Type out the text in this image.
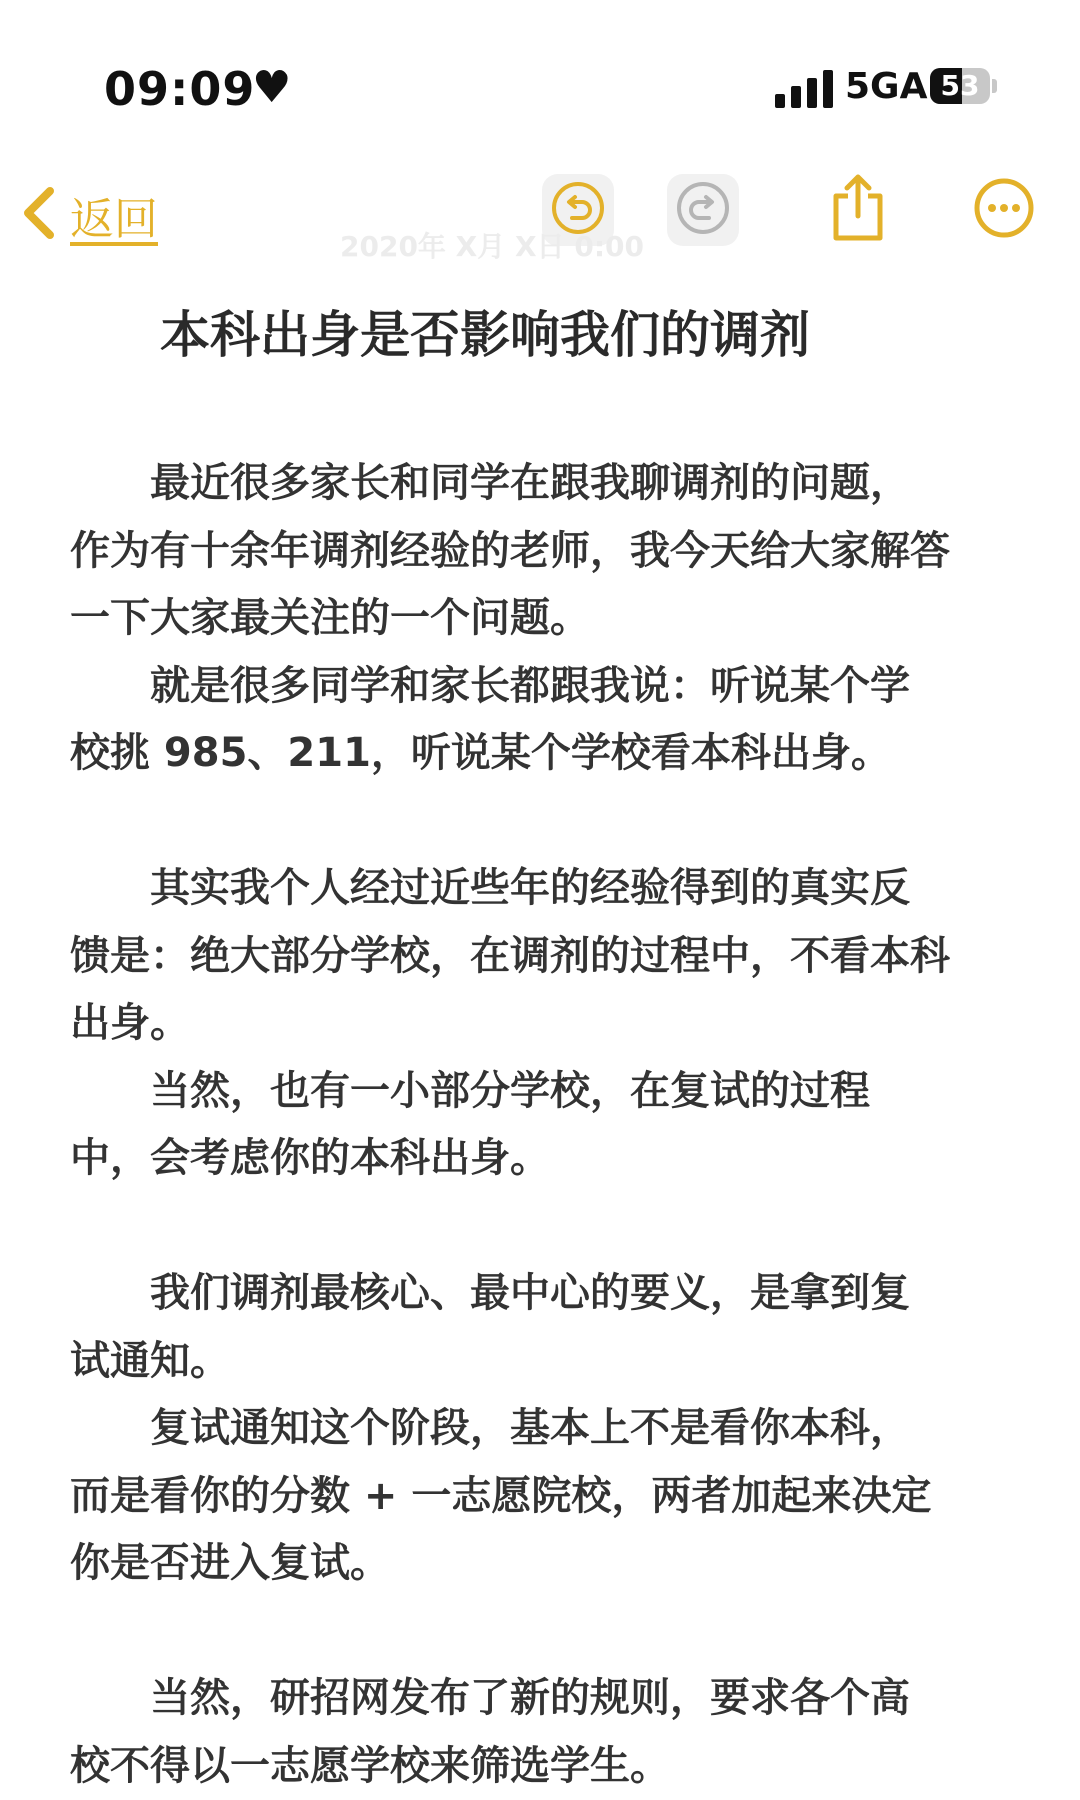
09:09
♥	5GA 53
返回
2020年 X月 X日 0:00
本科出身是否影响我们的调剂

　　最近很多家长和同学在跟我聊调剂的问题，

作为有十余年调剂经验的老师，我今天给大家解答

一下大家最关注的一个问题。

　　就是很多同学和家长都跟我说：听说某个学

校挑 985、211，听说某个学校看本科出身。

　　其实我个人经过近些年的经验得到的真实反

馈是：绝大部分学校，在调剂的过程中，不看本科

出身。

　　当然，也有一小部分学校，在复试的过程

中，会考虑你的本科出身。

　　我们调剂最核心、最中心的要义，是拿到复

试通知。

　　复试通知这个阶段，基本上不是看你本科，

而是看你的分数 + 一志愿院校，两者加起来决定

你是否进入复试。

　　当然，研招网发布了新的规则，要求各个高

校不得以一志愿学校来筛选学生。
